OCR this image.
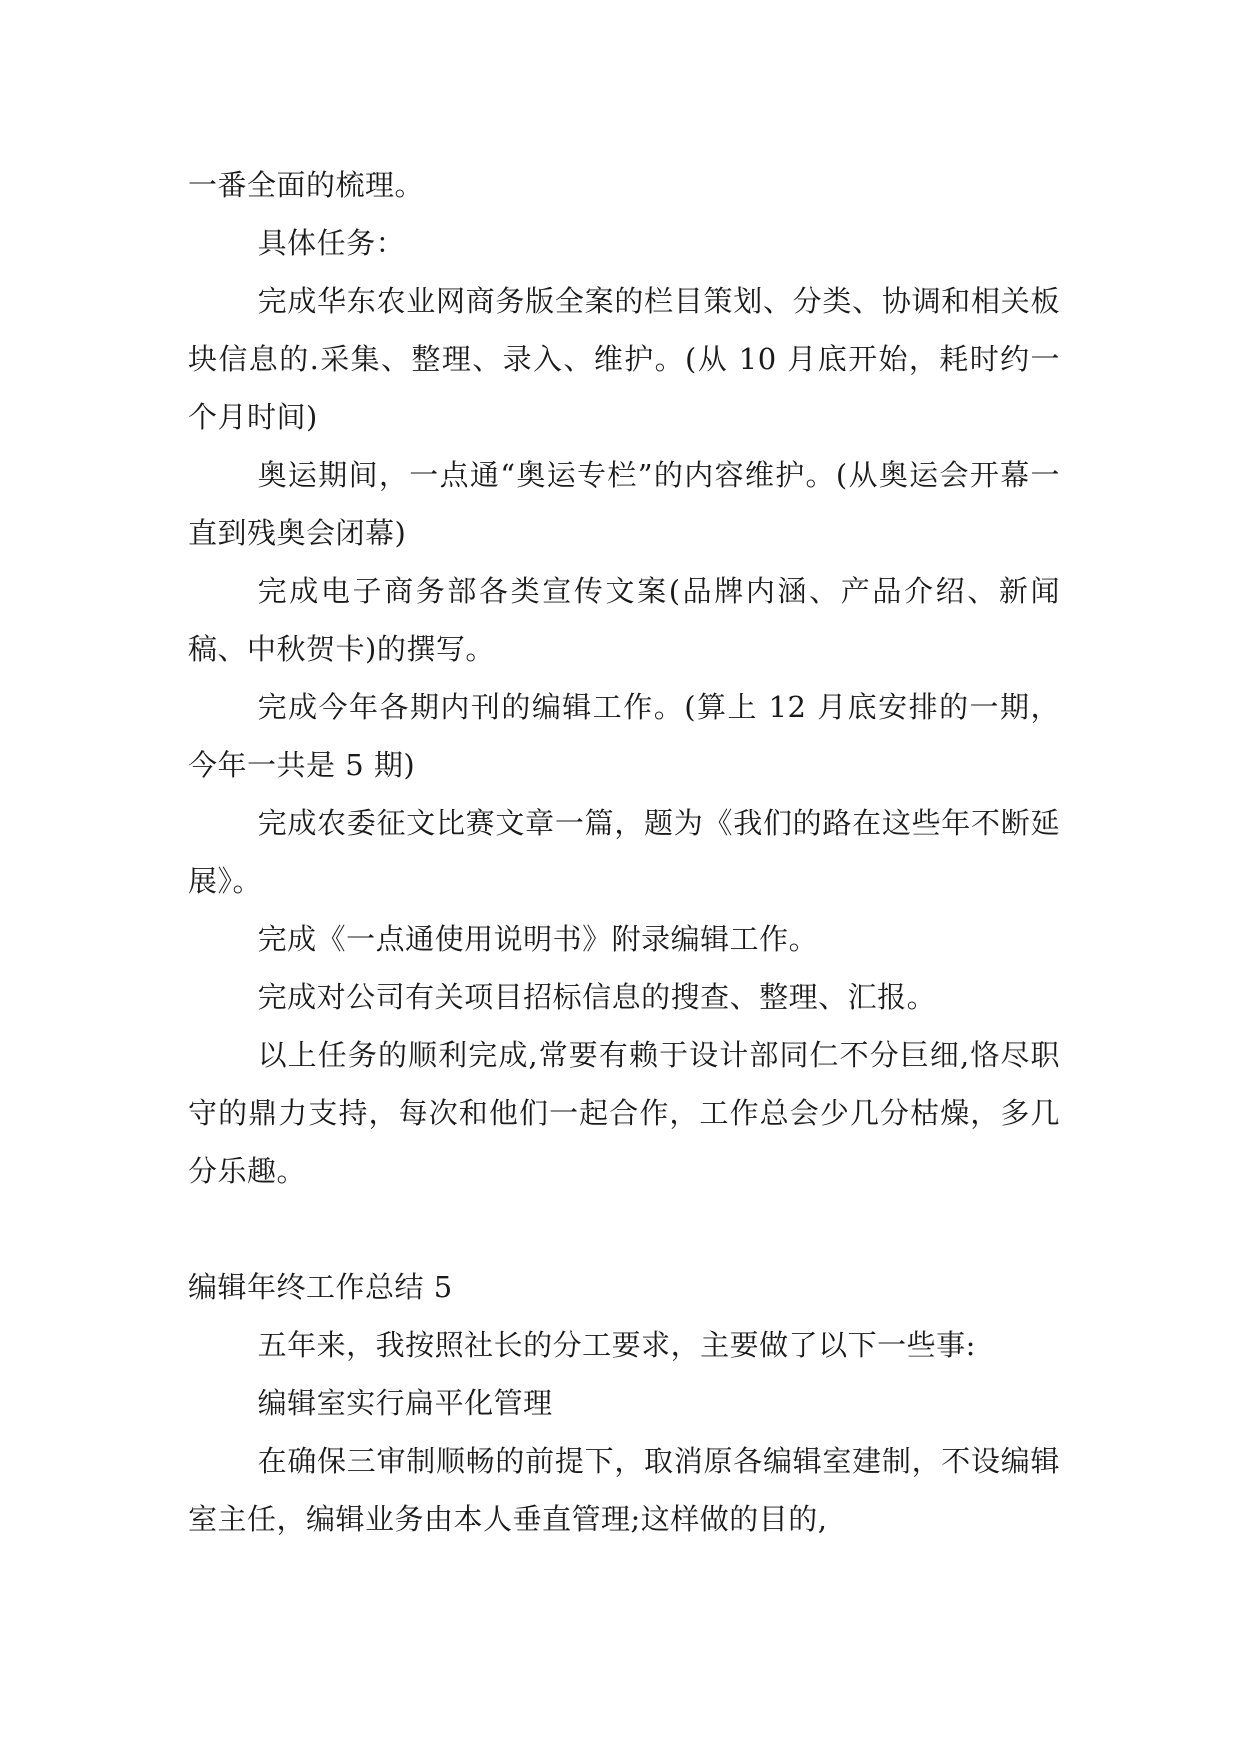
一番全面的梳理。

具体任务：

完成华东农业网商务版全案的栏目策划、分类、协调和相关板块信息的.采集、整理、录入、维护。(从 10 月底开始，耗时约一个月时间)

奥运期间，一点通“奥运专栏”的内容维护。(从奥运会开幕一直到残奥会闭幕)

完成电子商务部各类宣传文案(品牌内涵、产品介绍、新闻稿、中秋贺卡)的撰写。

完成今年各期内刊的编辑工作。(算上 12 月底安排的一期，今年一共是 5 期)

完成农委征文比赛文章一篇，题为《我们的路在这些年不断延展》。

完成《一点通使用说明书》附录编辑工作。

完成对公司有关项目招标信息的搜查、整理、汇报。

以上任务的顺利完成,常要有赖于设计部同仁不分巨细,恪尽职守的鼎力支持，每次和他们一起合作，工作总会少几分枯燥，多几分乐趣。

编辑年终工作总结 5

五年来，我按照社长的分工要求，主要做了以下一些事:

编辑室实行扁平化管理

在确保三审制顺畅的前提下，取消原各编辑室建制，不设编辑室主任，编辑业务由本人垂直管理;这样做的目的,
